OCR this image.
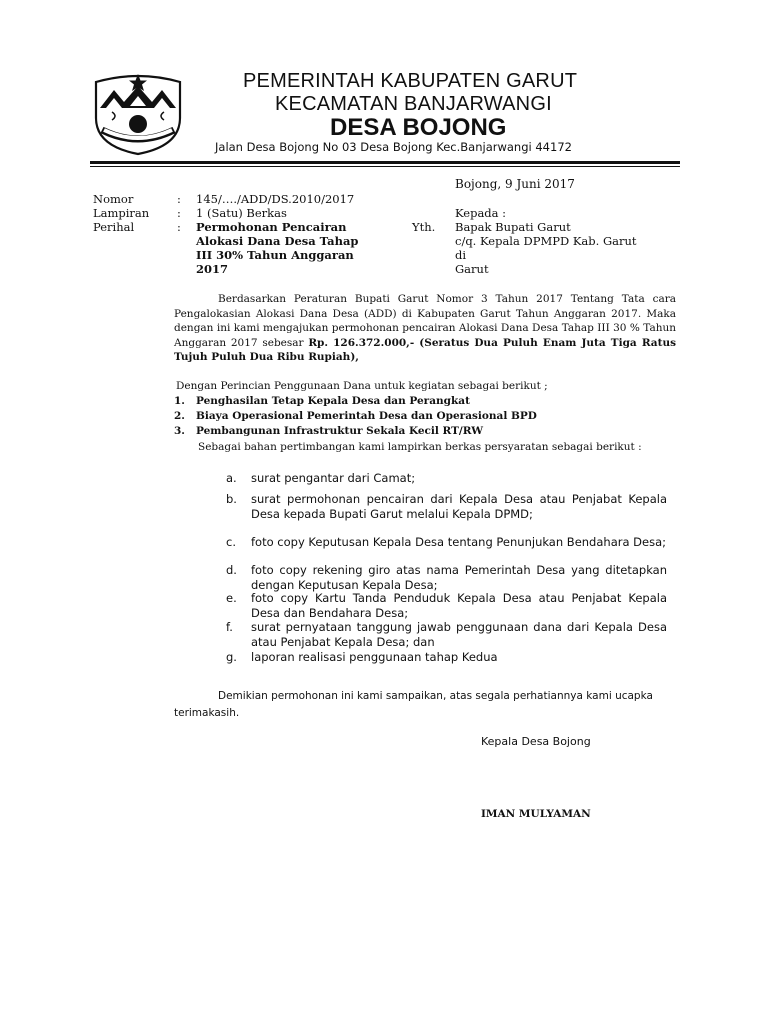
PEMERINTAH KABUPATEN GARUT
KECAMATAN BANJARWANGI
DESA BOJONG
Jalan Desa Bojong No 03 Desa Bojong Kec.Banjarwangi 44172
Bojong, 9 Juni 2017
Nomor	: 145/…./ADD/DS.2010/2017
Lampiran : 1 (Satu) Berkas
Perihal	: Permohonan Pencairan
Alokasi Dana Desa Tahap
III 30% Tahun Anggaran
2017
Kepada :
Yth. Bapak Bupati Garut
c/q. Kepala DPMPD Kab. Garut
di
Garut
Berdasarkan Peraturan Bupati Garut Nomor 3 Tahun 2017 Tentang Tata cara Pengalokasian Alokasi Dana Desa (ADD) di Kabupaten Garut Tahun Anggaran 2017. Maka dengan ini kami mengajukan permohonan pencairan Alokasi Dana Desa Tahap III 30 % Tahun Anggaran 2017 sebesar Rp. 126.372.000,- (Seratus Dua Puluh Enam Juta Tiga Ratus Tujuh Puluh Dua Ribu Rupiah),
Dengan Perincian Penggunaan Dana untuk kegiatan sebagai berikut ;
1. Penghasilan Tetap Kepala Desa dan Perangkat
2. Biaya Operasional Pemerintah Desa dan Operasional BPD
3. Pembangunan Infrastruktur Sekala Kecil RT/RW
Sebagai bahan pertimbangan kami lampirkan berkas persyaratan sebagai berikut :
a. surat pengantar dari Camat;
b. surat permohonan pencairan dari Kepala Desa atau Penjabat Kepala Desa kepada Bupati Garut melalui Kepala DPMD;
c. foto copy Keputusan Kepala Desa tentang Penunjukan Bendahara Desa;
d. foto copy rekening giro atas nama Pemerintah Desa yang ditetapkan dengan Keputusan Kepala Desa;
e. foto copy Kartu Tanda Penduduk Kepala Desa atau Penjabat Kepala Desa dan Bendahara Desa;
f. surat pernyataan tanggung jawab penggunaan dana dari Kepala Desa atau Penjabat Kepala Desa; dan
g. laporan realisasi penggunaan tahap Kedua
Demikian permohonan ini kami sampaikan, atas segala perhatiannya kami ucapka terimakasih.
Kepala Desa Bojong
IMAN MULYAMAN
